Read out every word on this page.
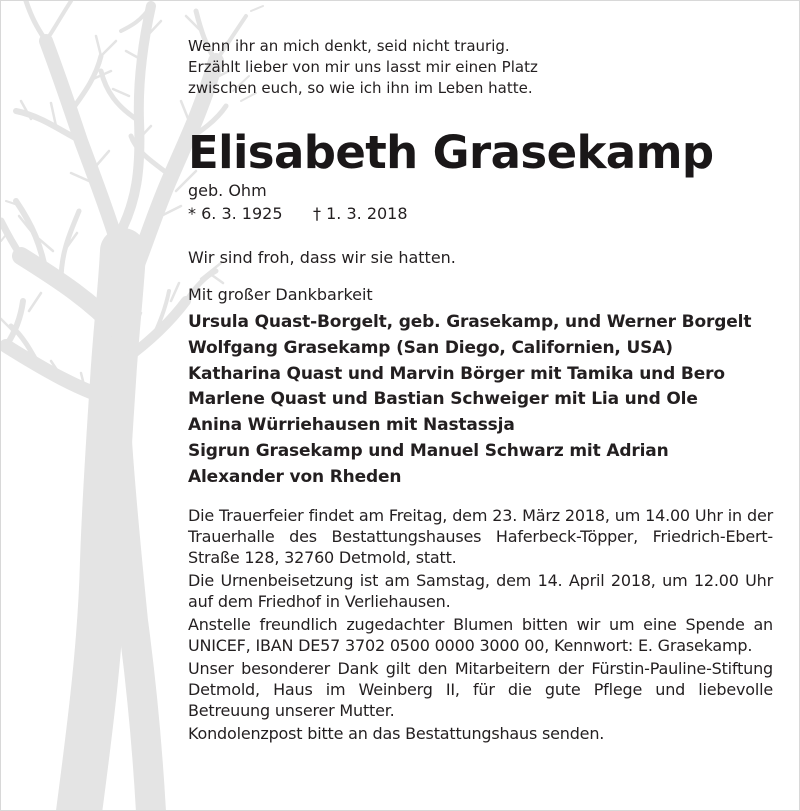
Wenn ihr an mich denkt, seid nicht traurig.

Erzählt lieber von mir uns lasst mir einen Platz

zwischen euch, so wie ich ihn im Leben hatte.

Elisabeth Grasekamp

geb. Ohm

* 6. 3. 1925      † 1. 3. 2018

Wir sind froh, dass wir sie hatten.

Mit großer Dankbarkeit

Ursula Quast-Borgelt, geb. Grasekamp, und Werner Borgelt
Wolfgang Grasekamp (San Diego, Californien, USA)
Katharina Quast und Marvin Börger mit Tamika und Bero
Marlene Quast und Bastian Schweiger mit Lia und Ole
Anina Würriehausen mit Nastassja
Sigrun Grasekamp und Manuel Schwarz mit Adrian
Alexander von Rheden

Die Trauerfeier findet am Freitag, dem 23. März 2018, um 14.00 Uhr in der Trauerhalle des Bestattungshauses Haferbeck-Töpper, Friedrich-Ebert-Straße 128, 32760 Detmold, statt.

Die Urnenbeisetzung ist am Samstag, dem 14. April 2018, um 12.00 Uhr auf dem Friedhof in Verliehausen.

Anstelle freundlich zugedachter Blumen bitten wir um eine Spende an UNICEF, IBAN DE57 3702 0500 0000 3000 00, Kennwort: E. Grasekamp.

Unser besonderer Dank gilt den Mitarbeitern der Fürstin-Pauline-Stiftung Detmold, Haus im Weinberg II, für die gute Pflege und liebevolle Betreuung unserer Mutter.

Kondolenzpost bitte an das Bestattungshaus senden.
